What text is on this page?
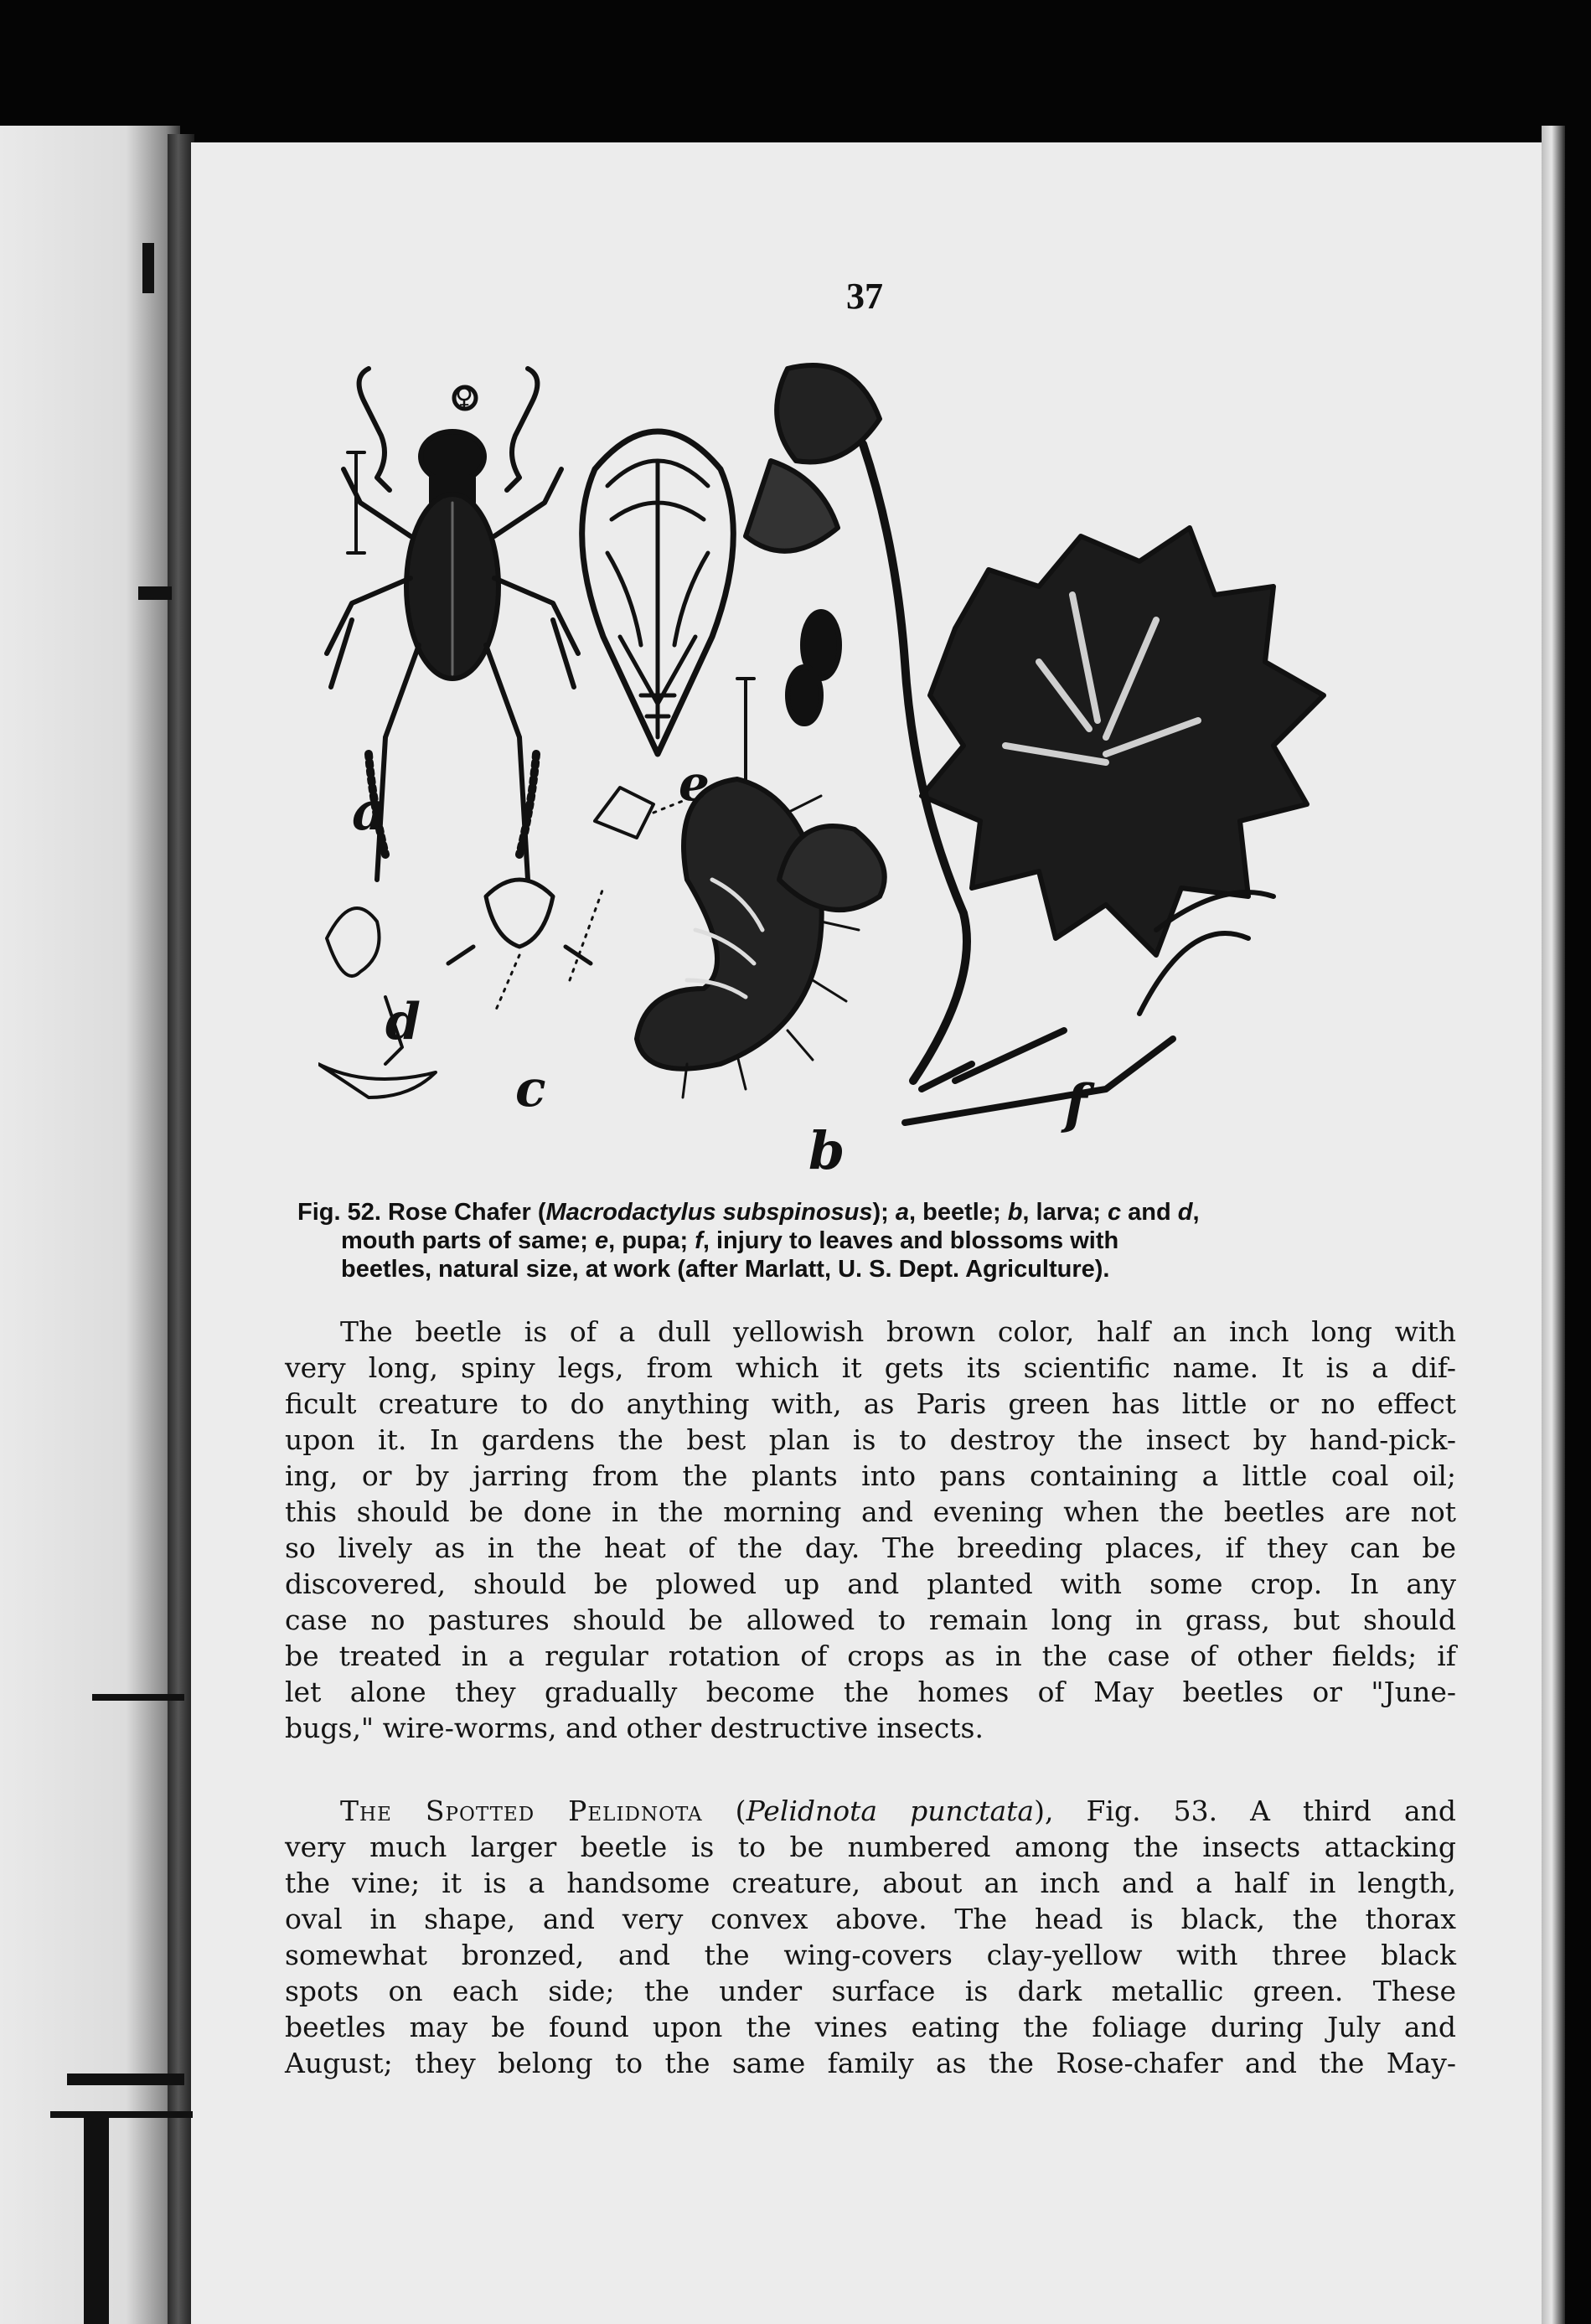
37
♀
a	e
b
c
d
f
Fig. 52. Rose Chafer (Macrodactylus subspinosus); a, beetle; b, larva; c and d,
mouth parts of same; e, pupa; f, injury to leaves and blossoms with
beetles, natural size, at work (after Marlatt, U. S. Dept. Agriculture).
The beetle is of a dull yellowish brown color, half an inch long with
very long, spiny legs, from which it gets its scientific name. It is a dif-
ficult creature to do anything with, as Paris green has little or no effect
upon it. In gardens the best plan is to destroy the insect by hand-pick-
ing, or by jarring from the plants into pans containing a little coal oil;
this should be done in the morning and evening when the beetles are not
so lively as in the heat of the day. The breeding places, if they can be
discovered, should be plowed up and planted with some crop. In any
case no pastures should be allowed to remain long in grass, but should
be treated in a regular rotation of crops as in the case of other fields; if
let alone they gradually become the homes of May beetles or "June-
bugs," wire-worms, and other destructive insects.
The Spotted Pelidnota (Pelidnota punctata), Fig. 53. A third and
very much larger beetle is to be numbered among the insects attacking
the vine; it is a handsome creature, about an inch and a half in length,
oval in shape, and very convex above. The head is black, the thorax
somewhat bronzed, and the wing-covers clay-yellow with three black
spots on each side; the under surface is dark metallic green. These
beetles may be found upon the vines eating the foliage during July and
August; they belong to the same family as the Rose-chafer and the May-
